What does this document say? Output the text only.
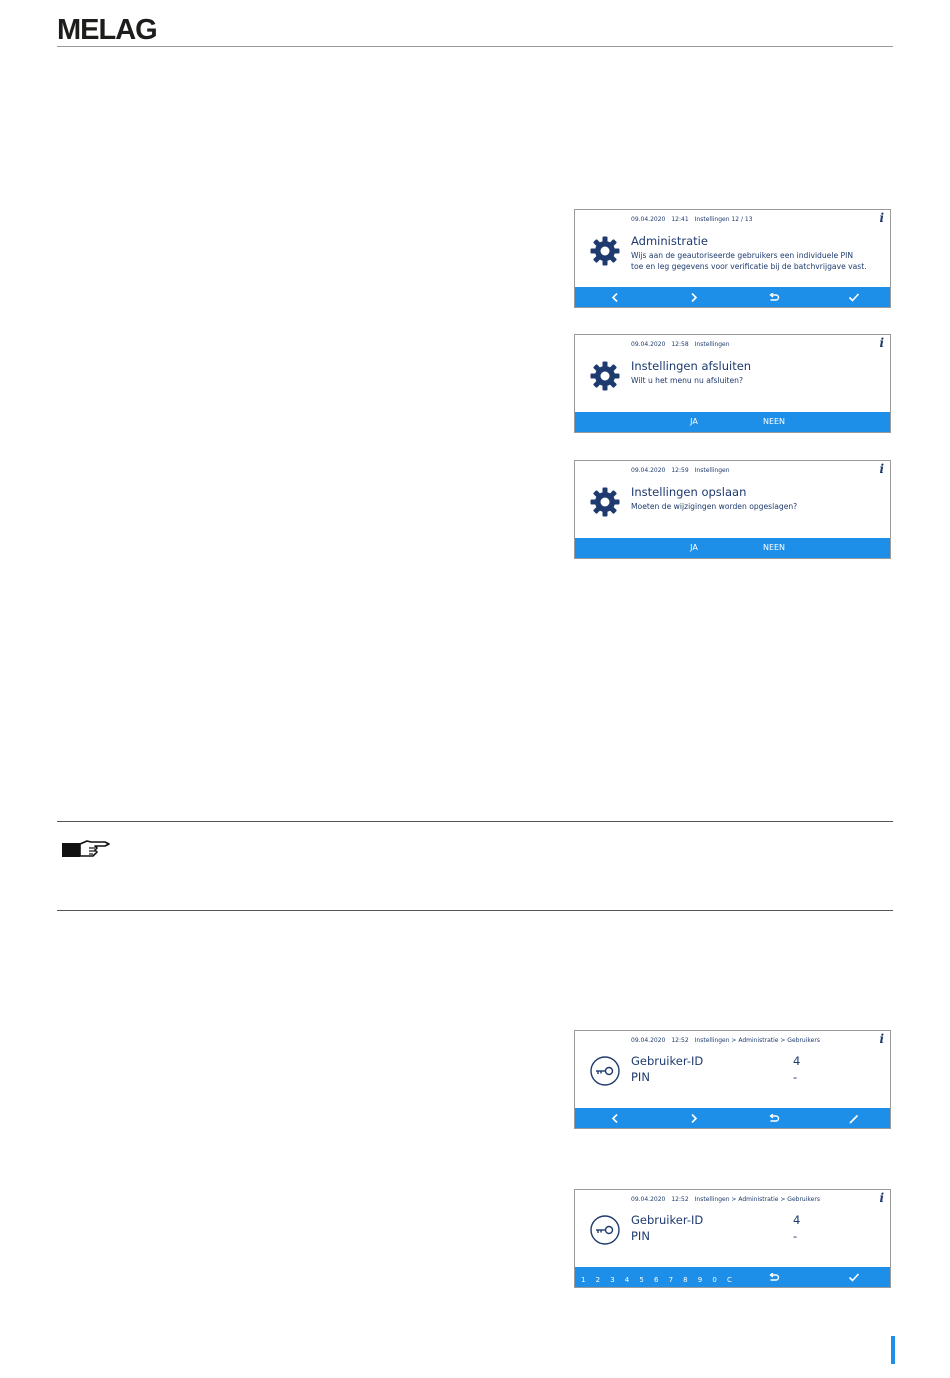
MELAG
09.04.2020 12:41 Instellingen 12 / 13	i
Administratie
Wijs aan de geautoriseerde gebruikers een individuele PIN
toe en leg gegevens voor verificatie bij de batchvrijgave vast.
09.04.2020 12:58 Instellingen	i
Instellingen afsluiten
Wilt u het menu nu afsluiten?
JA	NEEN
09.04.2020 12:59 Instellingen	i
Instellingen opslaan
Moeten de wijzigingen worden opgeslagen?
JA	NEEN
09.04.2020 12:52 Instellingen > Administratie > Gebruikers	i
Gebruiker-ID	4
PIN	-
09.04.2020 12:52 Instellingen > Administratie > Gebruikers	i
Gebruiker-ID	4
PIN	-
1 2 3 4 5 6 7 8 9 0 C
